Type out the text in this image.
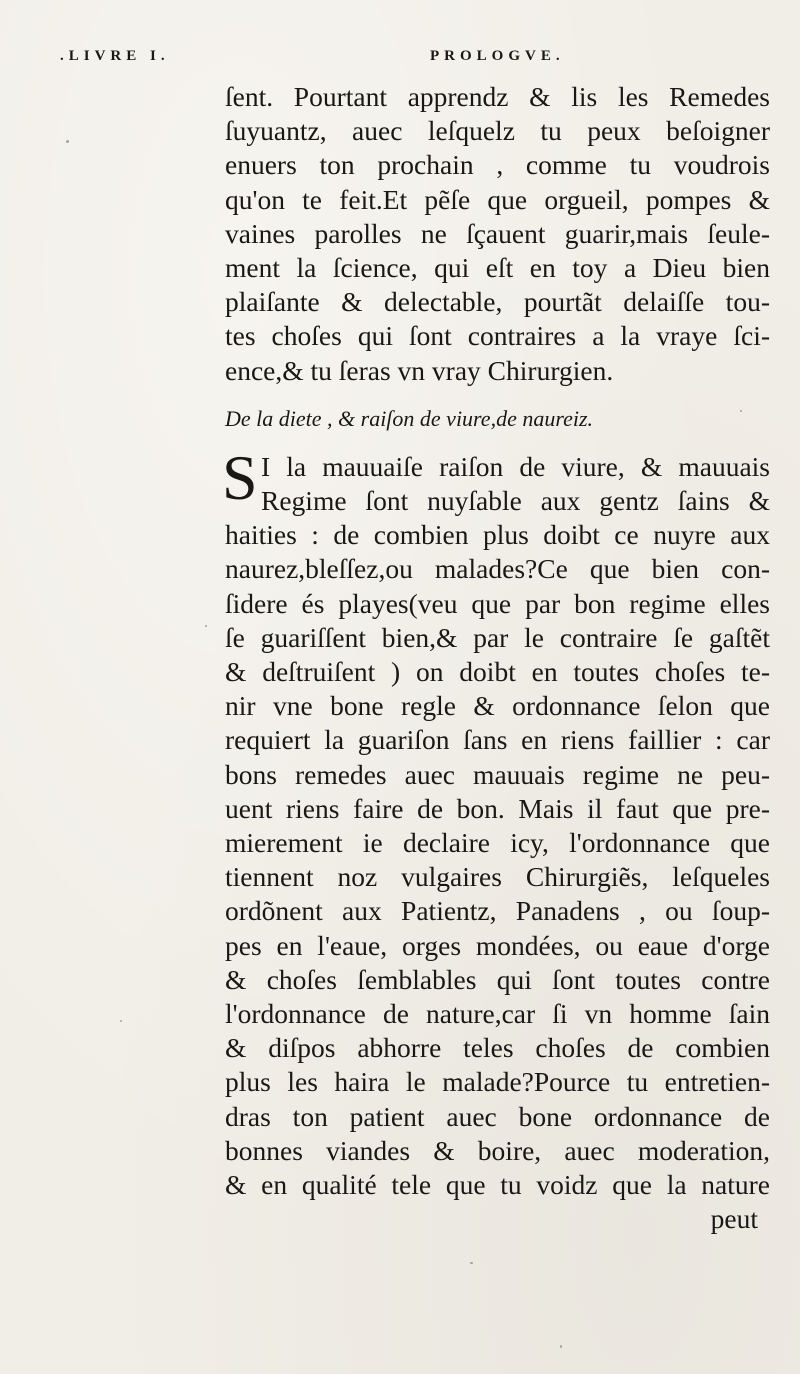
.LIVRE I.	PROLOGVE.
ſent. Pourtant apprendz & lis les Remedes
ſuyuantz, auec leſquelz tu peux beſoigner
enuers ton prochain , comme tu voudrois
qu'on te feit.Et pẽſe que orgueil, pompes &
vaines parolles ne ſçauent guarir,mais ſeule-
ment la ſcience, qui eſt en toy a Dieu bien
plaiſante & delectable, pourtãt delaiſſe tou-
tes choſes qui ſont contraires a la vraye ſci-
ence,& tu ſeras vn vray Chirurgien.
De la diete , & raiſon de viure,de naureiz.
S I la mauuaiſe raiſon de viure, & mauuais
Regime ſont nuyſable aux gentz ſains &
haities : de combien plus doibt ce nuyre aux
naurez,bleſſez,ou malades?Ce que bien con-
ſidere és playes(veu que par bon regime elles
ſe guariſſent bien,& par le contraire ſe gaſtẽt
& deſtruiſent ) on doibt en toutes choſes te-
nir vne bone regle & ordonnance ſelon que
requiert la guariſon ſans en riens faillier : car
bons remedes auec mauuais regime ne peu-
uent riens faire de bon. Mais il faut que pre-
mierement ie declaire icy, l'ordonnance que
tiennent noz vulgaires Chirurgiẽs, leſqueles
ordõnent aux Patientz, Panadens , ou ſoup-
pes en l'eaue, orges mondées, ou eaue d'orge
& choſes ſemblables qui ſont toutes contre
l'ordonnance de nature,car ſi vn homme ſain
& diſpos abhorre teles choſes de combien
plus les haira le malade?Pource tu entretien-
dras ton patient auec bone ordonnance de
bonnes viandes & boire, auec moderation,
& en qualité tele que tu voidz que la nature
peut
